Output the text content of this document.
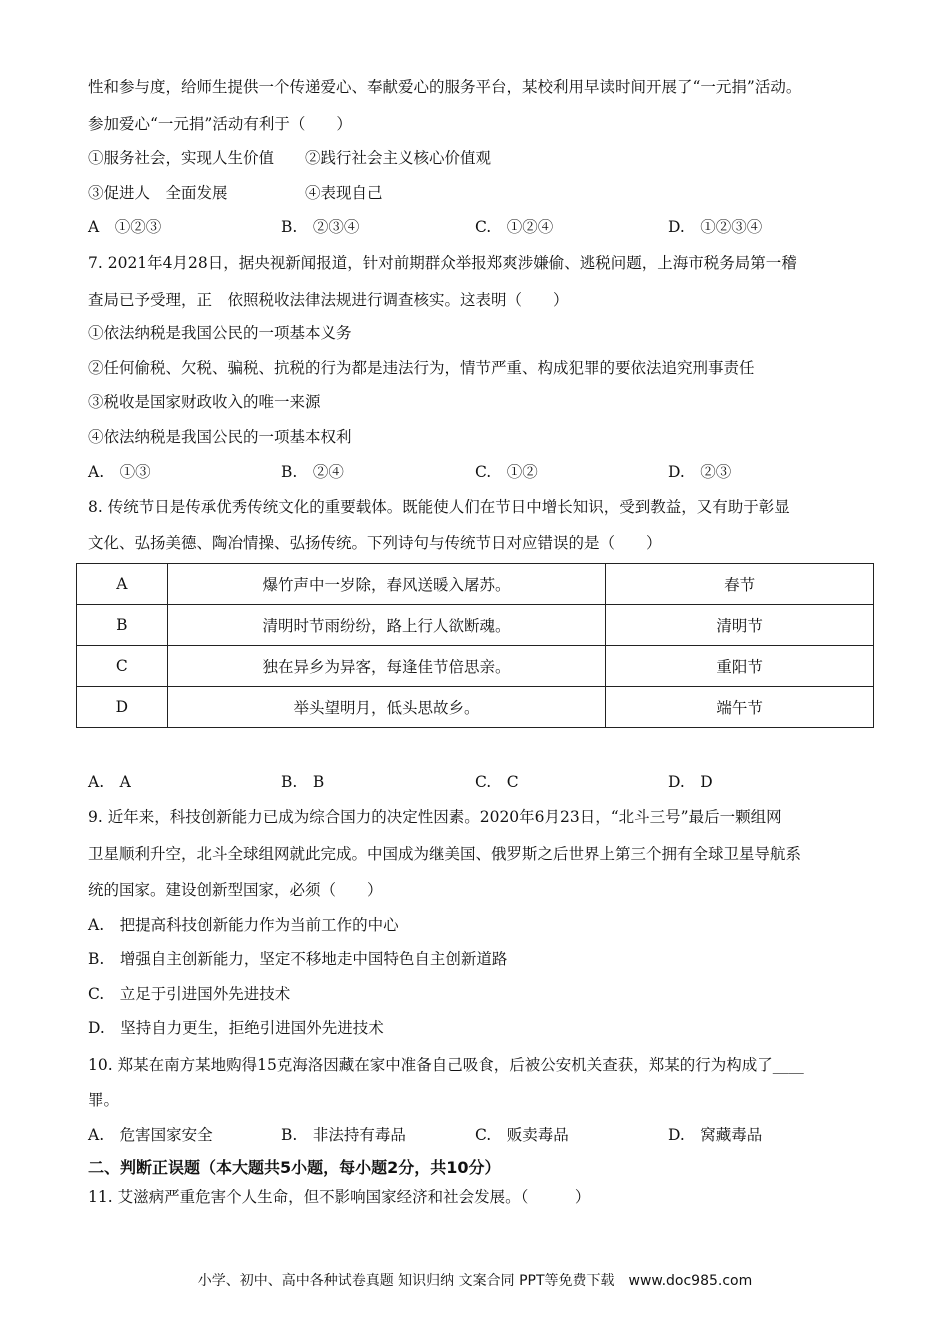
性和参与度，给师生提供一个传递爱心、奉献爱心的服务平台，某校利用早读时间开展了“一元捐”活动。
参加爱心“一元捐”活动有利于（　　）
①服务社会，实现人生价值　　②践行社会主义核心价值观
③促进人　全面发展　　　　　④表现自己
A　①②③	B.　②③④	C.　①②④	D.　①②③④
7. 2021年4月28日，据央视新闻报道，针对前期群众举报郑爽涉嫌偷、逃税问题，上海市税务局第一稽
查局已予受理，正　依照税收法律法规进行调查核实。这表明（　　）
①依法纳税是我国公民的一项基本义务
②任何偷税、欠税、骗税、抗税的行为都是违法行为，情节严重、构成犯罪的要依法追究刑事责任
③税收是国家财政收入的唯一来源
④依法纳税是我国公民的一项基本权利
A.　①③	B.　②④	C.　①②	D.　②③
8. 传统节日是传承优秀传统文化的重要载体。既能使人们在节日中增长知识，受到教益，又有助于彰显
文化、弘扬美德、陶冶情操、弘扬传统。下列诗句与传统节日对应错误的是（　　）
A	爆竹声中一岁除，春风送暖入屠苏。	春节
B	清明时节雨纷纷，路上行人欲断魂。	清明节
C	独在异乡为异客，每逢佳节倍思亲。	重阳节
D	举头望明月，低头思故乡。	端午节
A.　A	B.　B	C.　C	D.　D
9. 近年来，科技创新能力已成为综合国力的决定性因素。2020年6月23日，“北斗三号”最后一颗组网
卫星顺利升空，北斗全球组网就此完成。中国成为继美国、俄罗斯之后世界上第三个拥有全球卫星导航系
统的国家。建设创新型国家，必须（　　）
A.　把提高科技创新能力作为当前工作的中心
B.　增强自主创新能力，坚定不移地走中国特色自主创新道路
C.　立足于引进国外先进技术
D.　坚持自力更生，拒绝引进国外先进技术
10. 郑某在南方某地购得15克海洛因藏在家中准备自己吸食，后被公安机关查获，郑某的行为构成了____
罪。
A.　危害国家安全	B.　非法持有毒品	C.　贩卖毒品	D.　窝藏毒品
二、判断正误题（本大题共5小题，每小题2分，共10分）
11. 艾滋病严重危害个人生命，但不影响国家经济和社会发展。（　　　）
小学、初中、高中各种试卷真题 知识归纳 文案合同 PPT等免费下载　www.doc985.com
